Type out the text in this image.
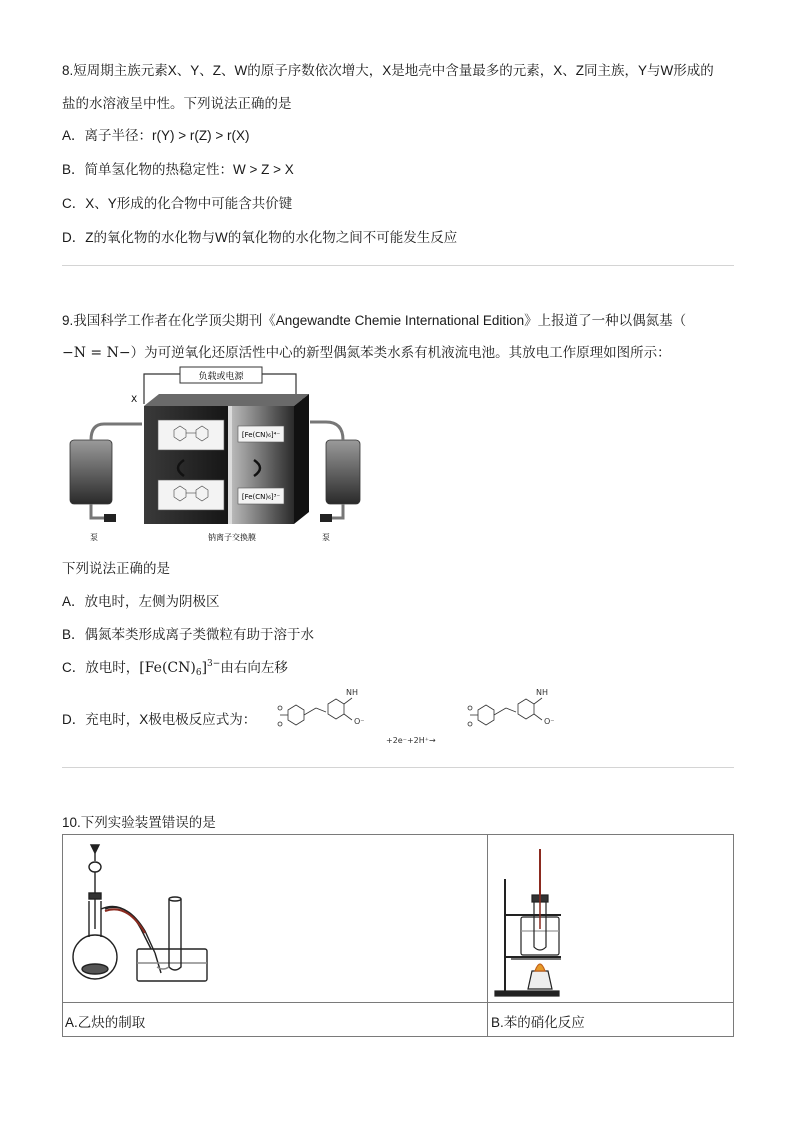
8.短周期主族元素X、Y、Z、W的原子序数依次增大，X是地壳中含量最多的元素，X、Z同主族，Y与W形成的
盐的水溶液呈中性。下列说法正确的是
A．离子半径：r(Y) > r(Z) > r(X)
B．简单氢化物的热稳定性：W > Z > X
C．X、Y形成的化合物中可能含共价键
D．Z的氧化物的水化物与W的氧化物的水化物之间不可能发生反应
9.我国科学工作者在化学顶尖期刊《Angewandte Chemie International Edition》上报道了一种以偶氮基（
−N = N−）为可逆氧化还原活性中心的新型偶氮苯类水系有机液流电池。其放电工作原理如图所示：
负载或电源
X
[Fe(CN)₆]⁴⁻
[Fe(CN)₆]³⁻
泵	泵
钠离子交换膜
下列说法正确的是
A．放电时，左侧为阴极区
B．偶氮苯类形成离子类微粒有助于溶于水
C．放电时，$[Fe(CN)_6]^{3-}$由右向左移
D．充电时，X极电极反应式为：
NH
O⁻
+2e⁻+2H⁺→
NH
O⁻
10.下列实验装置错误的是
A.乙炔的制取	B.苯的硝化反应
